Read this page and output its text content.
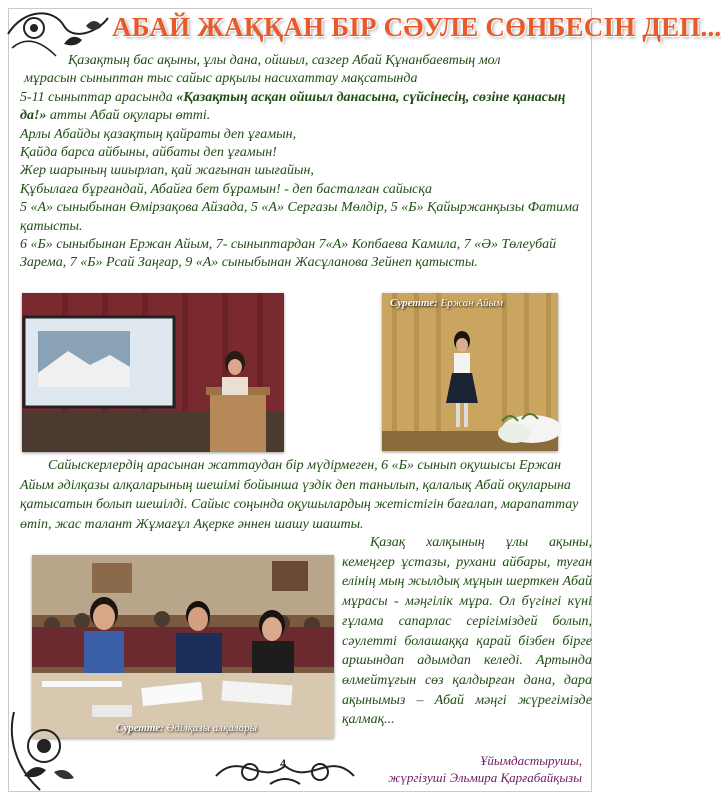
АБАЙ ЖАҚҚАН БІР СӘУЛЕ СӨНБЕСІН ДЕП...

Қазақтың бас ақыны, ұлы дана, ойшыл, сазгер Абай Құнанбаевтың мол

мұрасын сыныптан тыс сайыс арқылы насихаттау мақсатында

5-11 сыныптар арасында «Қазақтың асқан ойшыл данасына, сүйсінесің, сөзіне қанасың да!» атты Абай оқулары өтті.

Арлы Абайды қазақтың қайраты деп ұғамын,

Қайда барса айбыны, айбаты деп ұғамын!

Жер шарының шиырлап, қай жағынан шығайын,

Құбылаға бұрғандай, Абайға бет бұрамын! - деп басталған сайысқа

5 «А» сыныбынан Өмірзақова Айзада, 5 «А» Сергазы Мөлдір, 5 «Б» Қайыржанқызы Фатима қатысты.

6 «Б» сыныбынан Ержан Айым, 7- сыныптардан 7«А» Копбаева Камила, 7 «Ә» Төлеубай Зарема, 7 «Б» Рсай Заңғар, 9 «А» сыныбынан Жасұланова Зейнеп қатысты.

Суретте: Ержан Айым

Сайыскерлердің арасынан жаттаудан бір мүдірмеген, 6 «Б» сынып оқушысы Ержан Айым әділқазы алқаларының шешімі бойынша үздік деп танылып, қалалық Абай оқуларына қатысатын болып шешілді. Сайыс соңында оқушылардың жетістігін бағалап, марапаттау өтіп, жас талант Жұмағұл Ақерке әннен шашу шашты.

Суретте: Әділқазы алқалары

Қазақ халқының ұлы ақыны, кемеңгер ұстазы, рухани айбары, туған елінің мың жылдық мұңын шерткен Абай мұрасы - мәңгілік мұра. Ол бүгінгі күні ғұлама сапарлас серігіміздей болып, сәулетті болашаққа қарай бізбен бірге аршындап адымдап келеді. Артында өлмейтұғын сөз қалдырған дана, дара ақынымыз – Абай мәңгі жүрегімізде қалмақ...

4	Ұйымдастырушы,
жүргізуші Эльмира Қарғабайқызы
